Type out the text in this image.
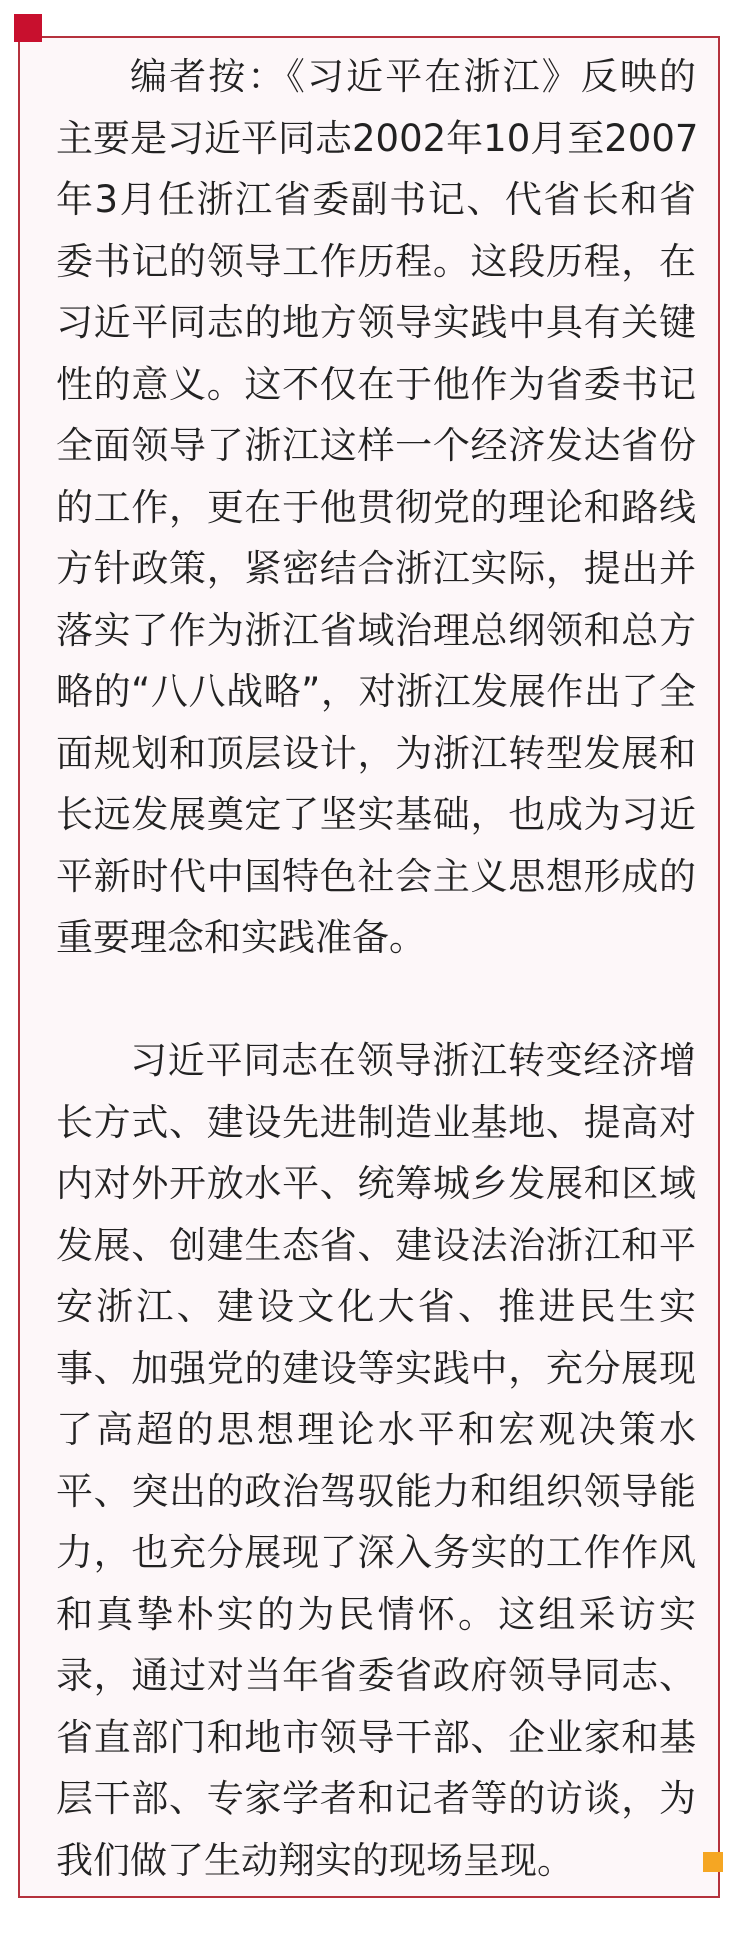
编者按：《习近平在浙江》反映的
主要是习近平同志2002年10月至2007
年3月任浙江省委副书记、代省长和省
委书记的领导工作历程。这段历程，在
习近平同志的地方领导实践中具有关键
性的意义。这不仅在于他作为省委书记
全面领导了浙江这样一个经济发达省份
的工作，更在于他贯彻党的理论和路线
方针政策，紧密结合浙江实际，提出并
落实了作为浙江省域治理总纲领和总方
略的“八八战略”，对浙江发展作出了全
面规划和顶层设计，为浙江转型发展和
长远发展奠定了坚实基础，也成为习近
平新时代中国特色社会主义思想形成的
重要理念和实践准备。

习近平同志在领导浙江转变经济增
长方式、建设先进制造业基地、提高对
内对外开放水平、统筹城乡发展和区域
发展、创建生态省、建设法治浙江和平
安浙江、建设文化大省、推进民生实
事、加强党的建设等实践中，充分展现
了高超的思想理论水平和宏观决策水
平、突出的政治驾驭能力和组织领导能
力，也充分展现了深入务实的工作作风
和真挚朴实的为民情怀。这组采访实
录，通过对当年省委省政府领导同志、
省直部门和地市领导干部、企业家和基
层干部、专家学者和记者等的访谈，为
我们做了生动翔实的现场呈现。
